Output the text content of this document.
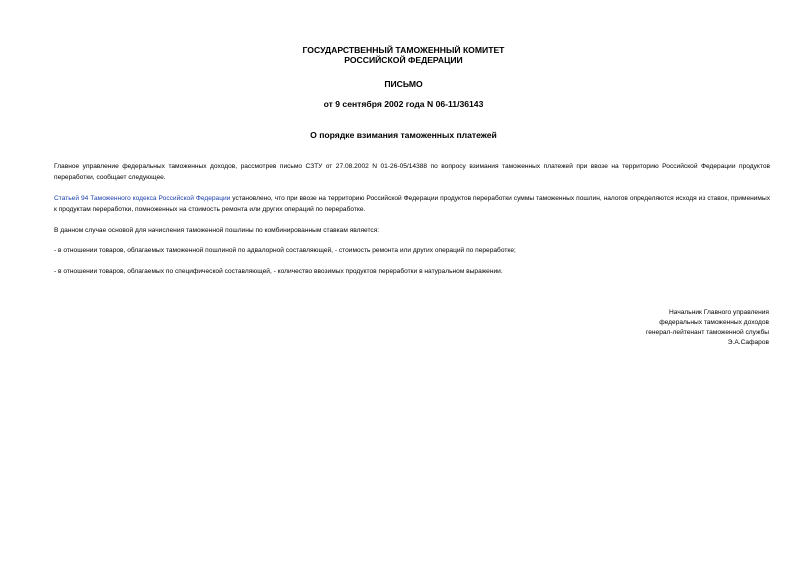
ГОСУДАРСТВЕННЫЙ ТАМОЖЕННЫЙ КОМИТЕТ
РОССИЙСКОЙ ФЕДЕРАЦИИ
ПИСЬМО
от 9 сентября 2002 года N 06-11/36143
О порядке взимания таможенных платежей
Главное управление федеральных таможенных доходов, рассмотрев письмо СЗТУ от 27.08.2002 N 01-26-05/14388 по вопросу взимания таможенных платежей при ввозе на территорию Российской Федерации продуктов переработки, сообщает следующее.
Статьей 94 Таможенного кодекса Российской Федерации установлено, что при ввозе на территорию Российской Федерации продуктов переработки суммы таможенных пошлин, налогов определяются исходя из ставок, применимых к продуктам переработки, помноженных на стоимость ремонта или других операций по переработке.
В данном случае основой для начисления таможенной пошлины по комбинированным ставкам является:
- в отношении товаров, облагаемых таможенной пошлиной по адвалорной составляющей, - стоимость ремонта или других операций по переработке;
- в отношении товаров, облагаемых по специфической составляющей, - количество ввозимых продуктов переработки в натуральном выражении.
Начальник Главного управления
федеральных таможенных доходов
генерал-лейтенант таможенной службы
Э.А.Сафаров
